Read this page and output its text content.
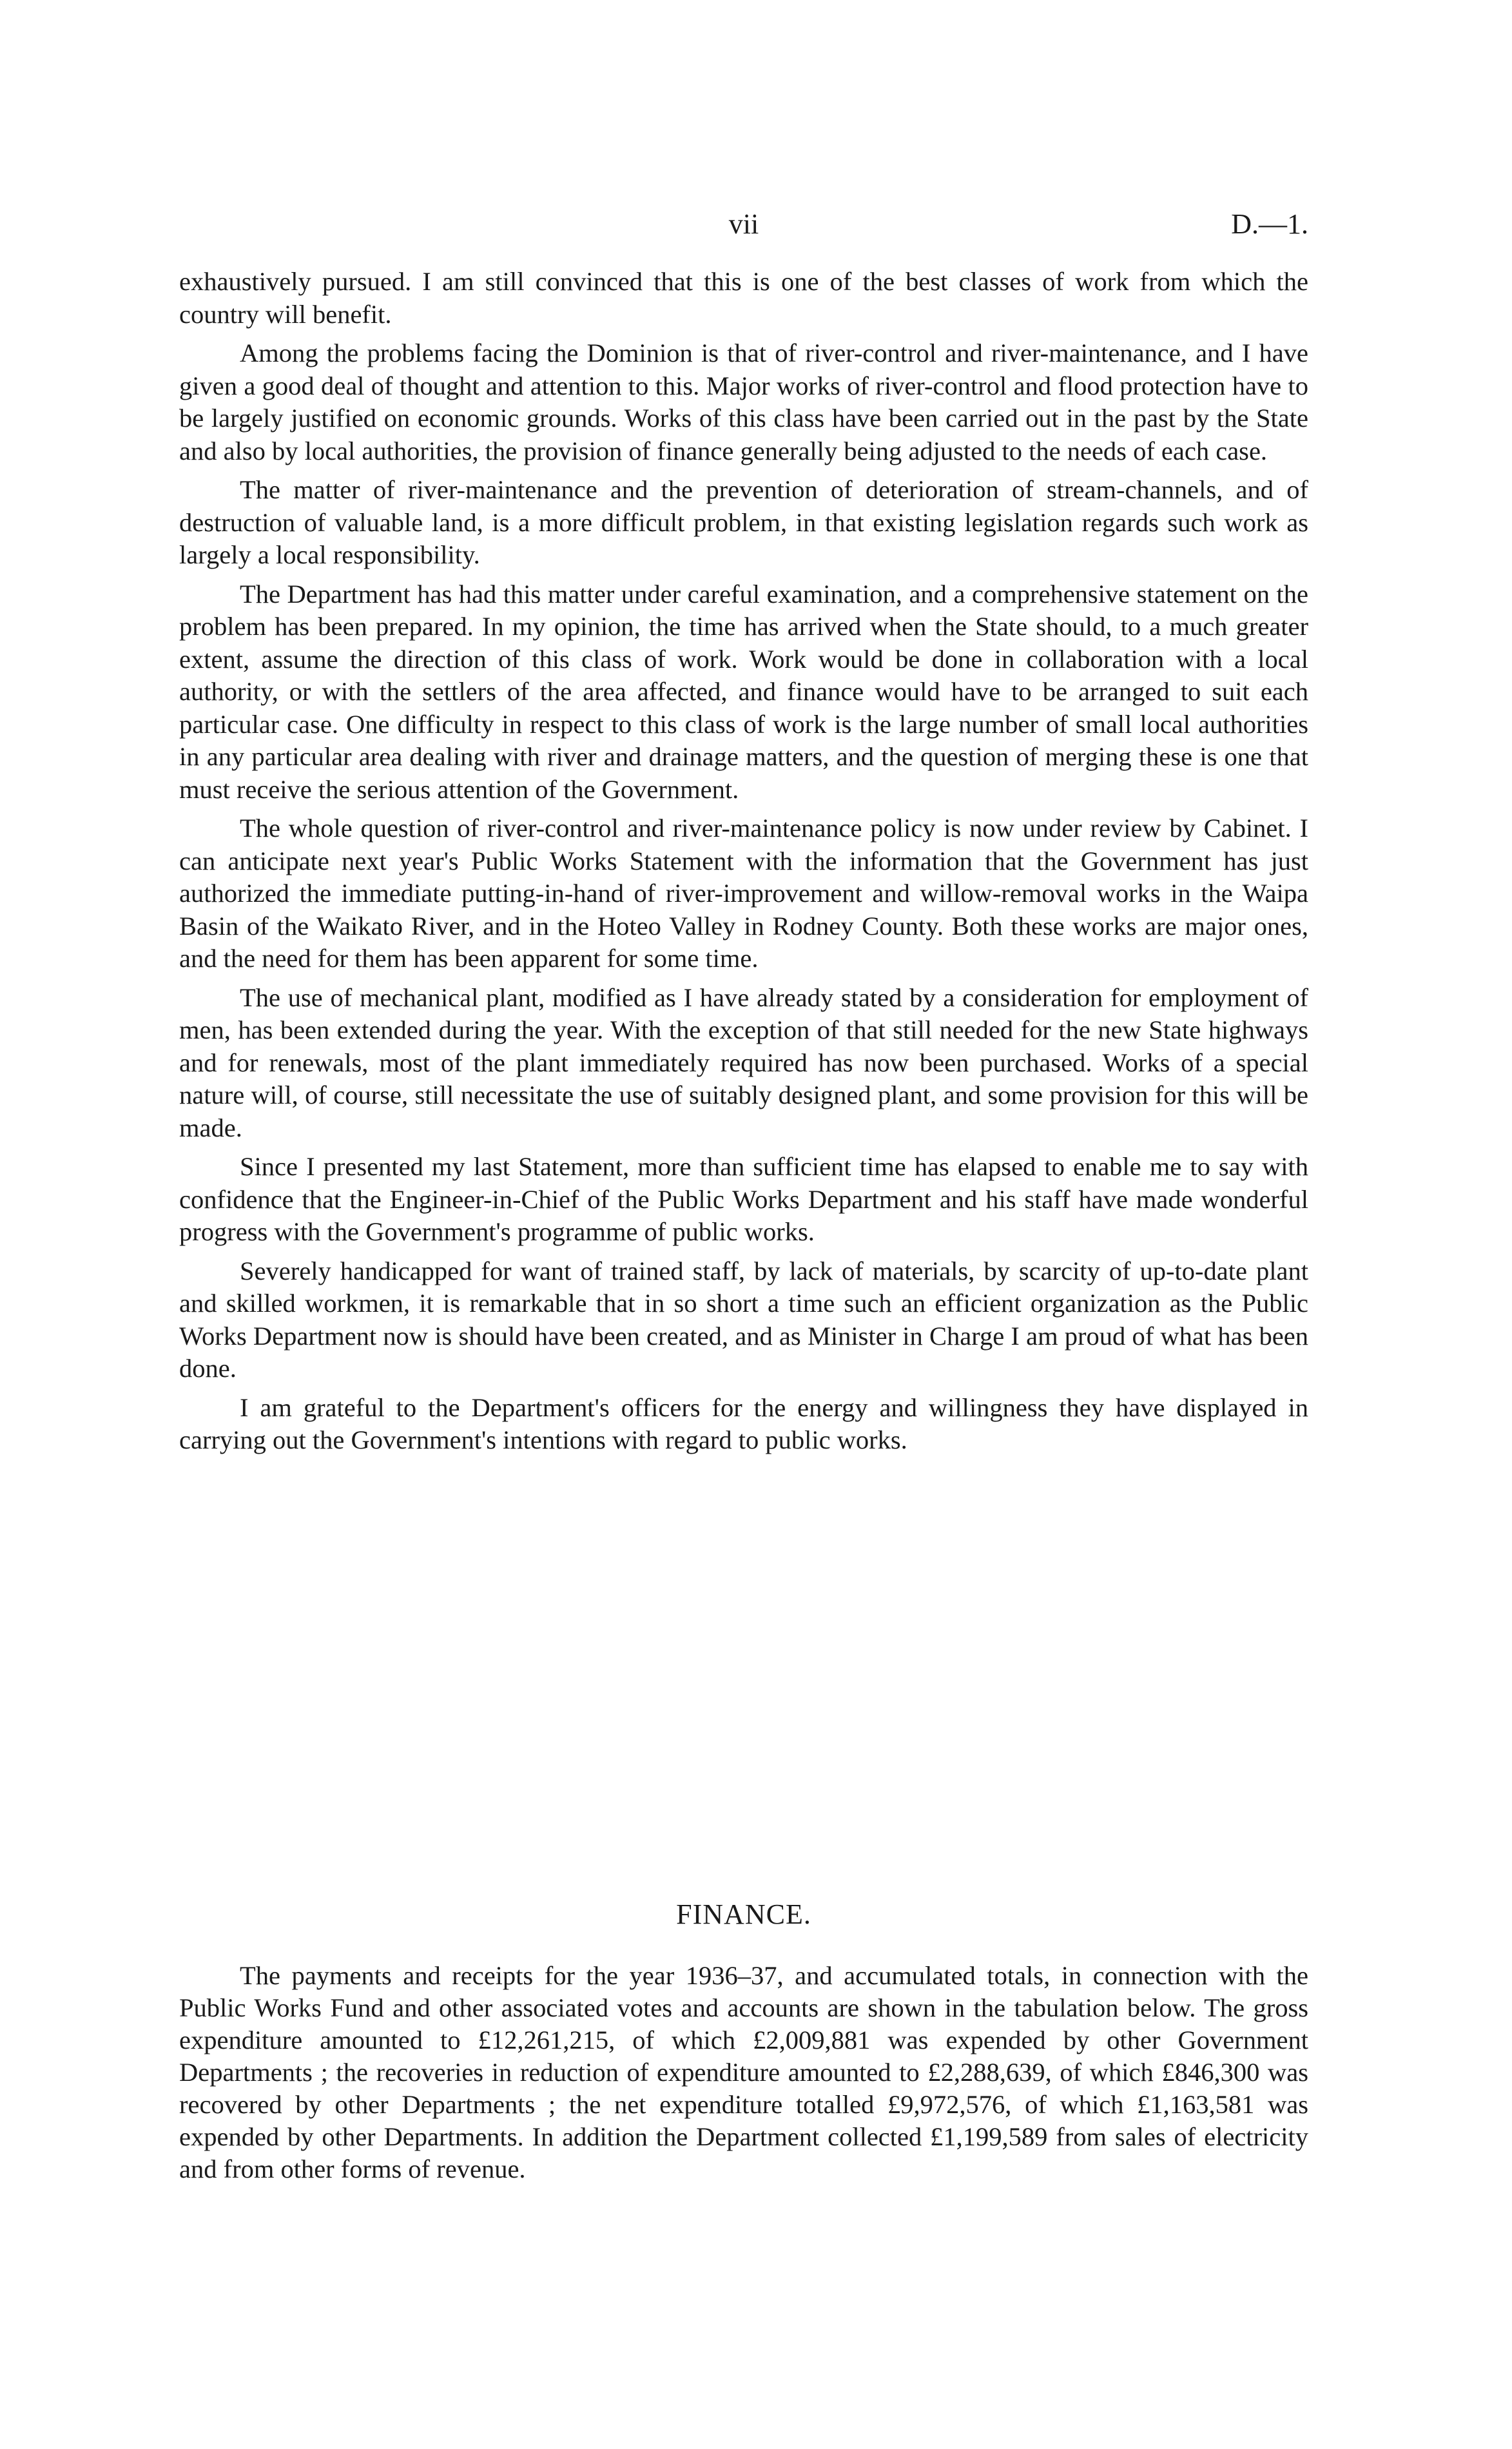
vii	D.—1.

exhaustively pursued. I am still convinced that this is one of the best classes of work from which the country will benefit.

Among the problems facing the Dominion is that of river-control and river-maintenance, and I have given a good deal of thought and attention to this. Major works of river-control and flood protection have to be largely justified on economic grounds. Works of this class have been carried out in the past by the State and also by local authorities, the provision of finance generally being adjusted to the needs of each case.

The matter of river-maintenance and the prevention of deterioration of stream-channels, and of destruction of valuable land, is a more difficult problem, in that existing legislation regards such work as largely a local responsibility.

The Department has had this matter under careful examination, and a comprehensive statement on the problem has been prepared. In my opinion, the time has arrived when the State should, to a much greater extent, assume the direction of this class of work. Work would be done in collaboration with a local authority, or with the settlers of the area affected, and finance would have to be arranged to suit each particular case. One difficulty in respect to this class of work is the large number of small local authorities in any particular area dealing with river and drainage matters, and the question of merging these is one that must receive the serious attention of the Government.

The whole question of river-control and river-maintenance policy is now under review by Cabinet. I can anticipate next year's Public Works Statement with the information that the Government has just authorized the immediate putting-in-hand of river-improvement and willow-removal works in the Waipa Basin of the Waikato River, and in the Hoteo Valley in Rodney County. Both these works are major ones, and the need for them has been apparent for some time.

The use of mechanical plant, modified as I have already stated by a consideration for employment of men, has been extended during the year. With the exception of that still needed for the new State highways and for renewals, most of the plant immediately required has now been purchased. Works of a special nature will, of course, still necessitate the use of suitably designed plant, and some provision for this will be made.

Since I presented my last Statement, more than sufficient time has elapsed to enable me to say with confidence that the Engineer-in-Chief of the Public Works Department and his staff have made wonderful progress with the Government's programme of public works.

Severely handicapped for want of trained staff, by lack of materials, by scarcity of up-to-date plant and skilled workmen, it is remarkable that in so short a time such an efficient organization as the Public Works Department now is should have been created, and as Minister in Charge I am proud of what has been done.

I am grateful to the Department's officers for the energy and willingness they have displayed in carrying out the Government's intentions with regard to public works.

FINANCE.

The payments and receipts for the year 1936–37, and accumulated totals, in connection with the Public Works Fund and other associated votes and accounts are shown in the tabulation below. The gross expenditure amounted to £12,261,215, of which £2,009,881 was expended by other Government Departments ; the recoveries in reduction of expenditure amounted to £2,288,639, of which £846,300 was recovered by other Departments ; the net expenditure totalled £9,972,576, of which £1,163,581 was expended by other Departments. In addition the Department collected £1,199,589 from sales of electricity and from other forms of revenue.
